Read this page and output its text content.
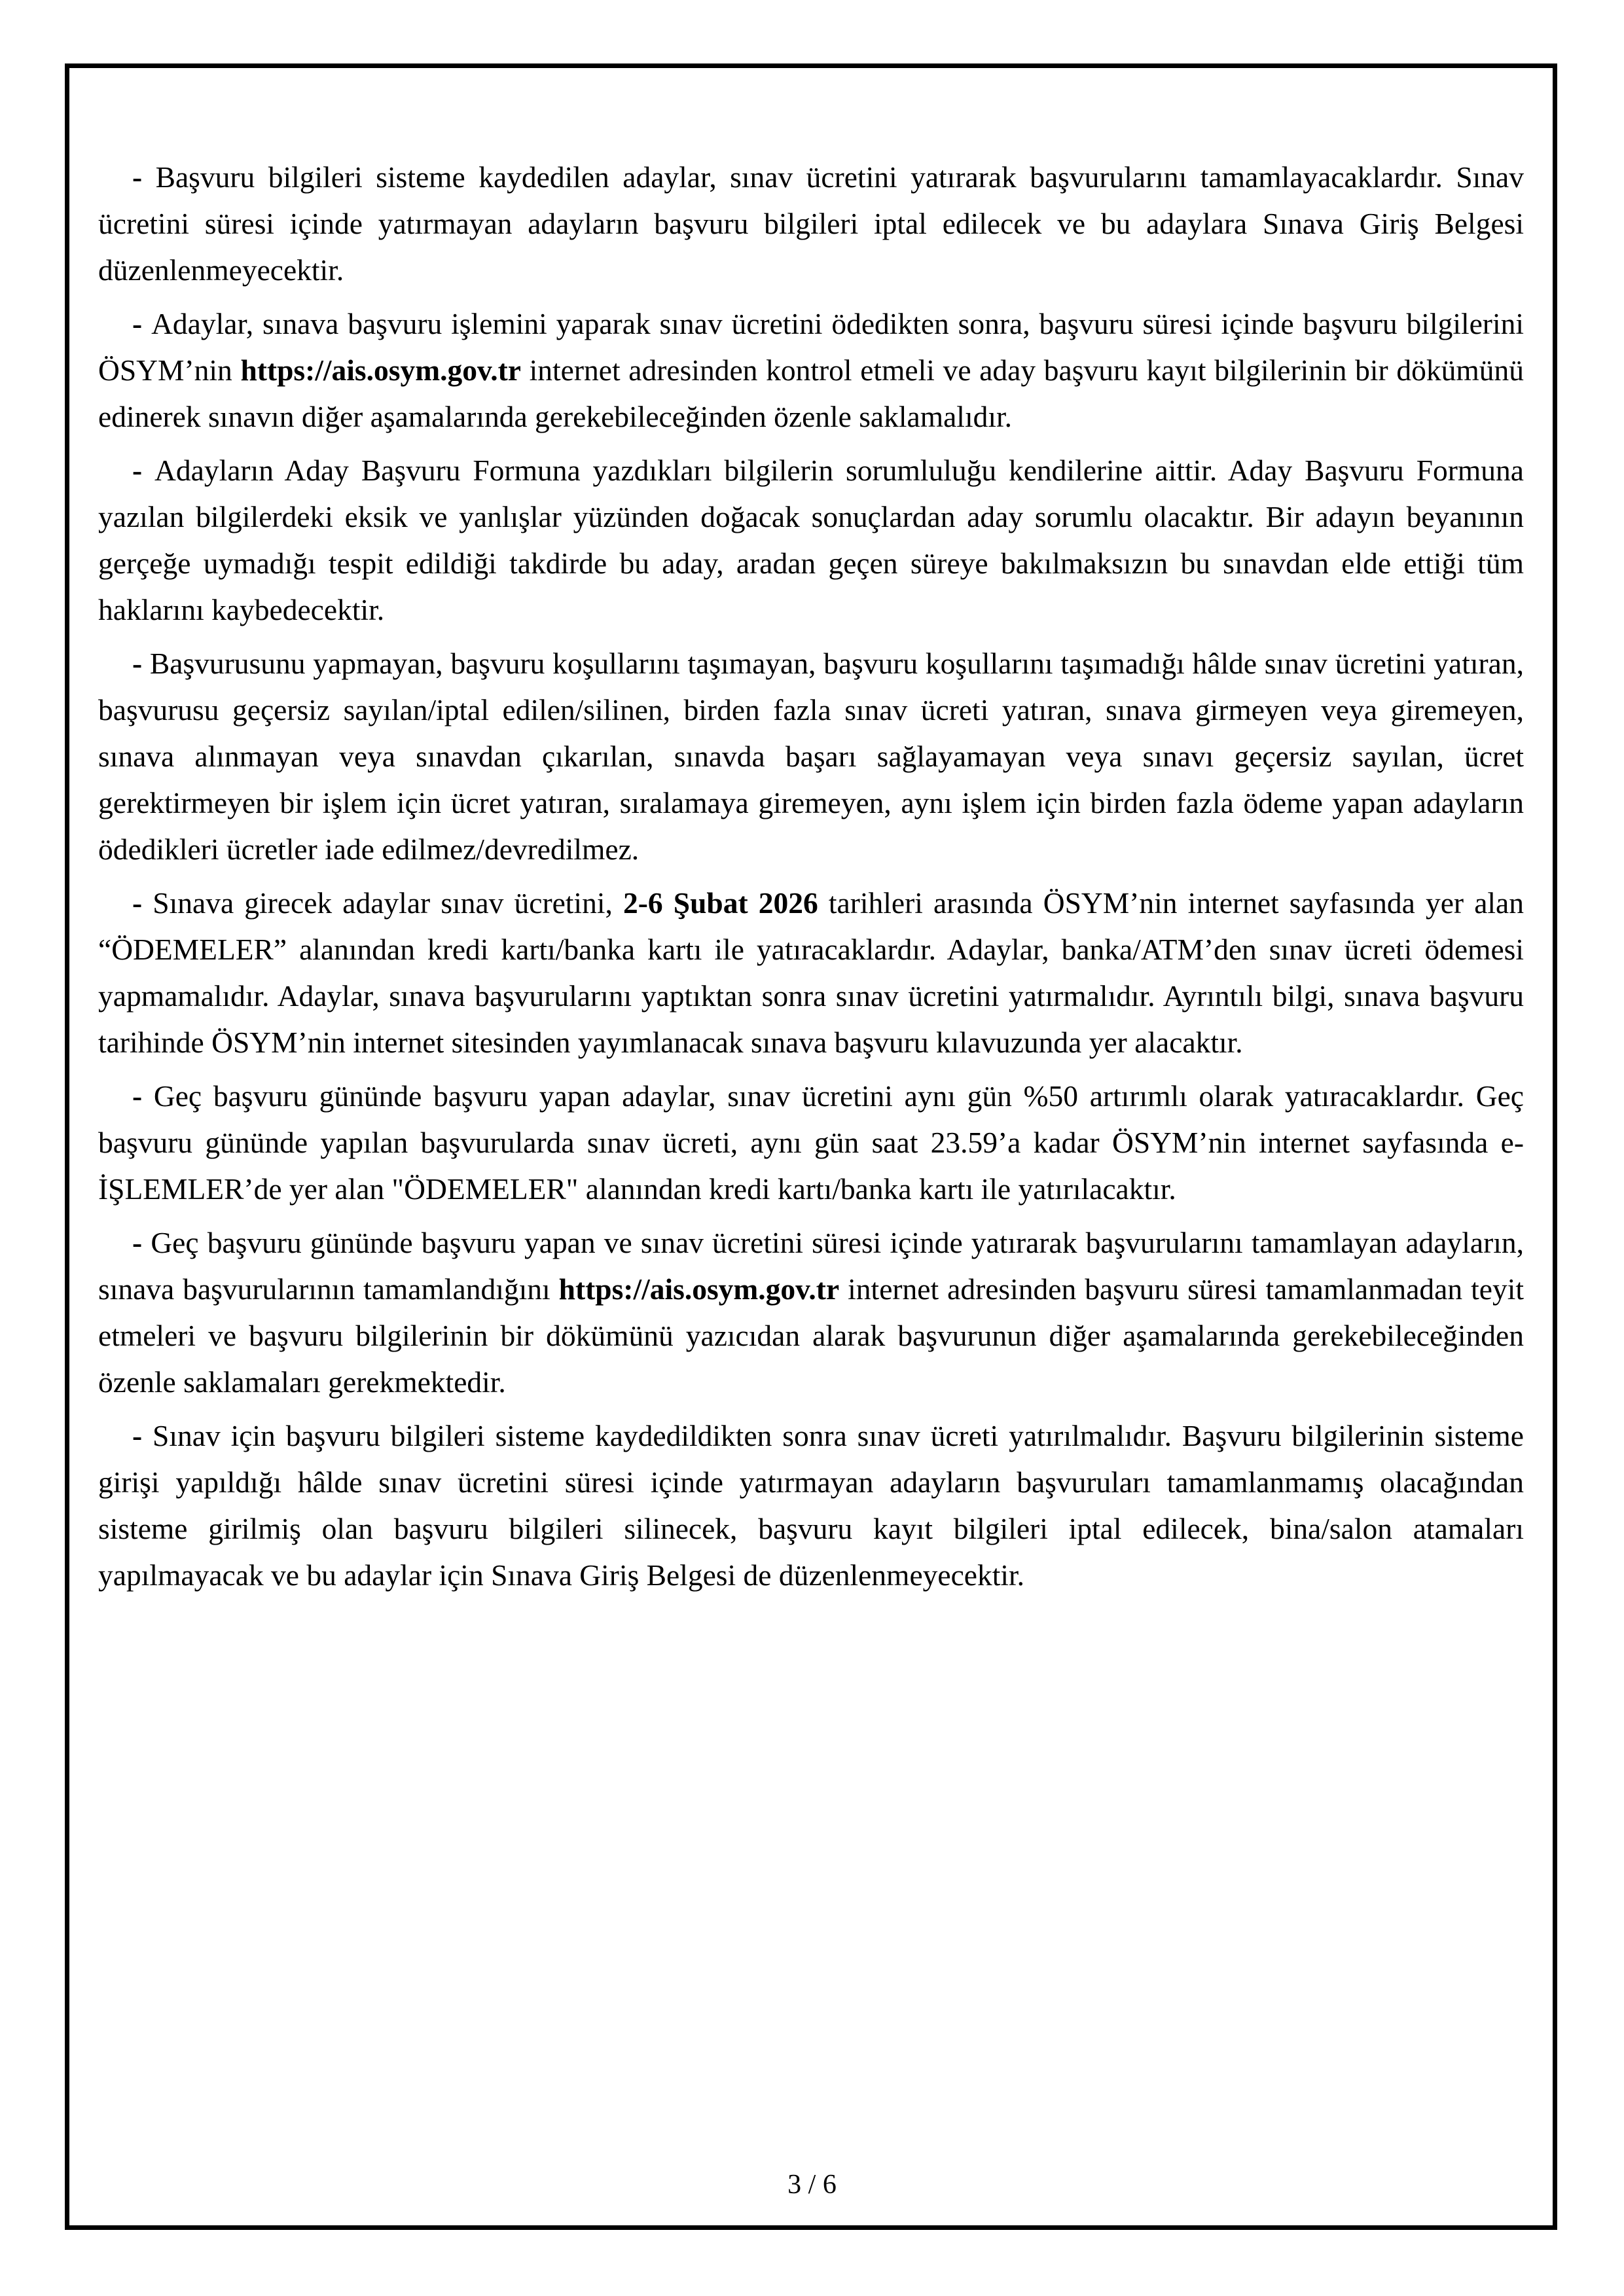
- Başvuru bilgileri sisteme kaydedilen adaylar, sınav ücretini yatırarak başvurularını tamamlayacaklardır. Sınav ücretini süresi içinde yatırmayan adayların başvuru bilgileri iptal edilecek ve bu adaylara Sınava Giriş Belgesi düzenlenmeyecektir.

- Adaylar, sınava başvuru işlemini yaparak sınav ücretini ödedikten sonra, başvuru süresi içinde başvuru bilgilerini ÖSYM’nin https://ais.osym.gov.tr internet adresinden kontrol etmeli ve aday başvuru kayıt bilgilerinin bir dökümünü edinerek sınavın diğer aşamalarında gerekebileceğinden özenle saklamalıdır.

- Adayların Aday Başvuru Formuna yazdıkları bilgilerin sorumluluğu kendilerine aittir. Aday Başvuru Formuna yazılan bilgilerdeki eksik ve yanlışlar yüzünden doğacak sonuçlardan aday sorumlu olacaktır. Bir adayın beyanının gerçeğe uymadığı tespit edildiği takdirde bu aday, aradan geçen süreye bakılmaksızın bu sınavdan elde ettiği tüm haklarını kaybedecektir.

- Başvurusunu yapmayan, başvuru koşullarını taşımayan, başvuru koşullarını taşımadığı hâlde sınav ücretini yatıran, başvurusu geçersiz sayılan/iptal edilen/silinen, birden fazla sınav ücreti yatıran, sınava girmeyen veya giremeyen, sınava alınmayan veya sınavdan çıkarılan, sınavda başarı sağlayamayan veya sınavı geçersiz sayılan, ücret gerektirmeyen bir işlem için ücret yatıran, sıralamaya giremeyen, aynı işlem için birden fazla ödeme yapan adayların ödedikleri ücretler iade edilmez/devredilmez.

- Sınava girecek adaylar sınav ücretini, 2-6 Şubat 2026 tarihleri arasında ÖSYM’nin internet sayfasında yer alan “ÖDEMELER” alanından kredi kartı/banka kartı ile yatıracaklardır. Adaylar, banka/ATM’den sınav ücreti ödemesi yapmamalıdır. Adaylar, sınava başvurularını yaptıktan sonra sınav ücretini yatırmalıdır. Ayrıntılı bilgi, sınava başvuru tarihinde ÖSYM’nin internet sitesinden yayımlanacak sınava başvuru kılavuzunda yer alacaktır.

- Geç başvuru gününde başvuru yapan adaylar, sınav ücretini aynı gün %50 artırımlı olarak yatıracaklardır. Geç başvuru gününde yapılan başvurularda sınav ücreti, aynı gün saat 23.59’a kadar ÖSYM’nin internet sayfasında e-İŞLEMLER’de yer alan "ÖDEMELER" alanından kredi kartı/banka kartı ile yatırılacaktır.

- Geç başvuru gününde başvuru yapan ve sınav ücretini süresi içinde yatırarak başvurularını tamamlayan adayların, sınava başvurularının tamamlandığını https://ais.osym.gov.tr internet adresinden başvuru süresi tamamlanmadan teyit etmeleri ve başvuru bilgilerinin bir dökümünü yazıcıdan alarak başvurunun diğer aşamalarında gerekebileceğinden özenle saklamaları gerekmektedir.

- Sınav için başvuru bilgileri sisteme kaydedildikten sonra sınav ücreti yatırılmalıdır. Başvuru bilgilerinin sisteme girişi yapıldığı hâlde sınav ücretini süresi içinde yatırmayan adayların başvuruları tamamlanmamış olacağından sisteme girilmiş olan başvuru bilgileri silinecek, başvuru kayıt bilgileri iptal edilecek, bina/salon atamaları yapılmayacak ve bu adaylar için Sınava Giriş Belgesi de düzenlenmeyecektir.

3 / 6
